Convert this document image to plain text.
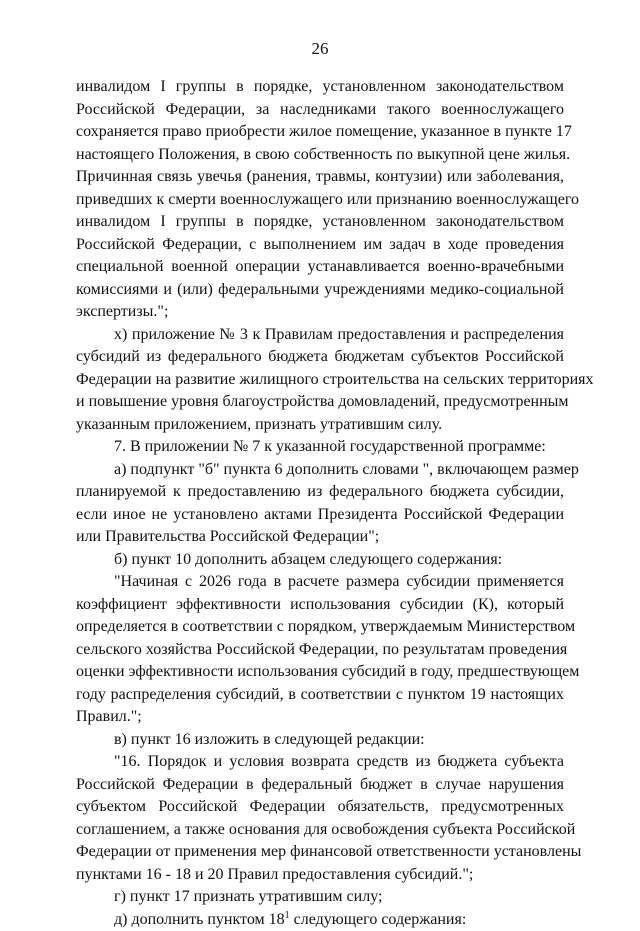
26
инвалидом I группы в порядке, установленном законодательством
Российской Федерации, за наследниками такого военнослужащего
сохраняется право приобрести жилое помещение, указанное в пункте 17
настоящего Положения, в свою собственность по выкупной цене жилья.
Причинная связь увечья (ранения, травмы, контузии) или заболевания,
приведших к смерти военнослужащего или признанию военнослужащего
инвалидом I группы в порядке, установленном законодательством
Российской Федерации, с выполнением им задач в ходе проведения
специальной военной операции устанавливается военно-врачебными
комиссиями и (или) федеральными учреждениями медико-социальной
экспертизы.";
х) приложение № 3 к Правилам предоставления и распределения
субсидий из федерального бюджета бюджетам субъектов Российской
Федерации на развитие жилищного строительства на сельских территориях
и повышение уровня благоустройства домовладений, предусмотренным
указанным приложением, признать утратившим силу.
7. В приложении № 7 к указанной государственной программе:
а) подпункт "б" пункта 6 дополнить словами ", включающем размер
планируемой к предоставлению из федерального бюджета субсидии,
если иное не установлено актами Президента Российской Федерации
или Правительства Российской Федерации";
б) пункт 10 дополнить абзацем следующего содержания:
"Начиная с 2026 года в расчете размера субсидии применяется
коэффициент эффективности использования субсидии (К), который
определяется в соответствии с порядком, утверждаемым Министерством
сельского хозяйства Российской Федерации, по результатам проведения
оценки эффективности использования субсидий в году, предшествующем
году распределения субсидий, в соответствии с пунктом 19 настоящих
Правил.";
в) пункт 16 изложить в следующей редакции:
"16. Порядок и условия возврата средств из бюджета субъекта
Российской Федерации в федеральный бюджет в случае нарушения
субъектом Российской Федерации обязательств, предусмотренных
соглашением, а также основания для освобождения субъекта Российской
Федерации от применения мер финансовой ответственности установлены
пунктами 16 - 18 и 20 Правил предоставления субсидий.";
г) пункт 17 признать утратившим силу;
д) дополнить пунктом $18^1$ следующего содержания:
